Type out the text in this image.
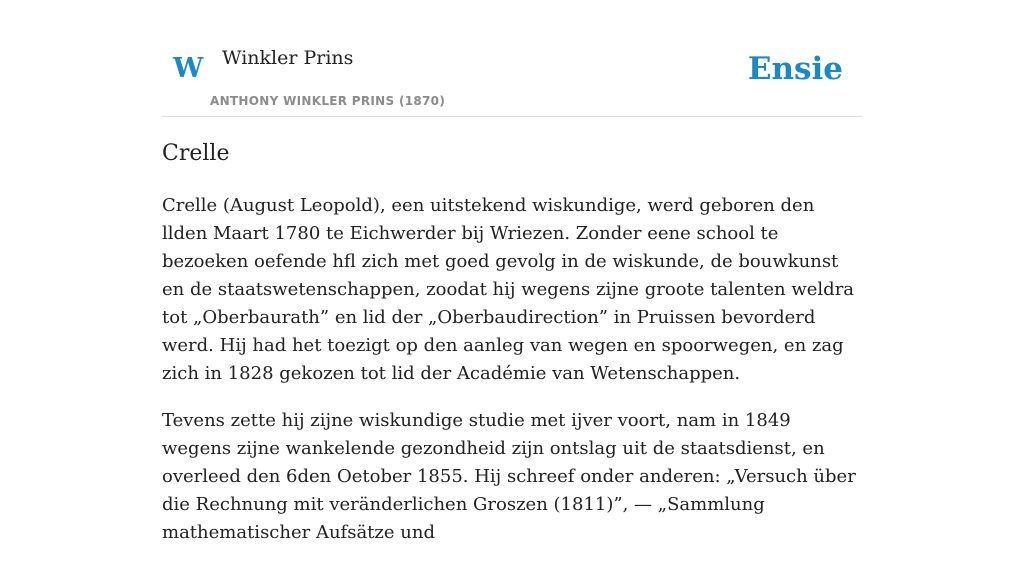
W Winkler Prins
ANTHONY WINKLER PRINS (1870)
Ensie
Crelle

Crelle (August Leopold), een uitstekend wiskundige, werd geboren den llden Maart 1780 te Eichwerder bij Wriezen. Zonder eene school te bezoeken oefende hfl zich met goed gevolg in de wiskunde, de bouwkunst en de staatswetenschappen, zoodat hij wegens zijne groote talenten weldra tot „Oberbaurath” en lid der „Oberbaudirection” in Pruissen bevorderd werd. Hij had het toezigt op den aanleg van wegen en spoorwegen, en zag zich in 1828 gekozen tot lid der Académie van Wetenschappen.

Tevens zette hij zijne wiskundige studie met ijver voort, nam in 1849 wegens zijne wankelende gezondheid zijn ontslag uit de staatsdienst, en overleed den 6den Oetober 1855. Hij schreef onder anderen: „Versuch über die Rechnung mit veränderlichen Groszen (1811)”, — „Sammlung mathematischer Aufsätze und
